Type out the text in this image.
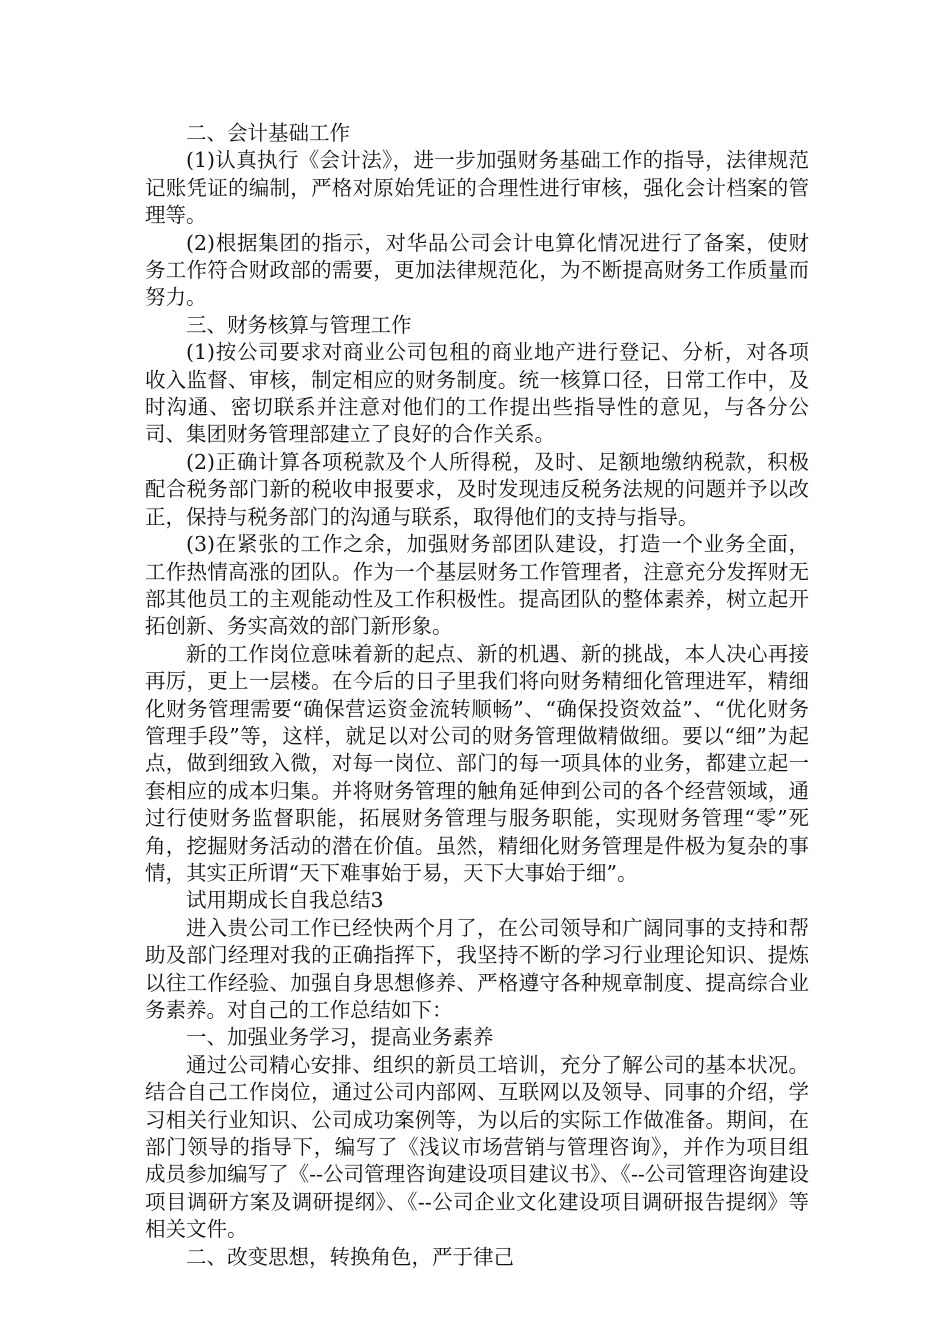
二、会计基础工作

(1)认真执行《会计法》，进一步加强财务基础工作的指导，法律规范记账凭证的编制，严格对原始凭证的合理性进行审核，强化会计档案的管理等。

(2)根据集团的指示，对华品公司会计电算化情况进行了备案，使财务工作符合财政部的需要，更加法律规范化，为不断提高财务工作质量而努力。

三、财务核算与管理工作

(1)按公司要求对商业公司包租的商业地产进行登记、分析，对各项收入监督、审核，制定相应的财务制度。统一核算口径，日常工作中，及时沟通、密切联系并注意对他们的工作提出些指导性的意见，与各分公司、集团财务管理部建立了良好的合作关系。

(2)正确计算各项税款及个人所得税，及时、足额地缴纳税款，积极配合税务部门新的税收申报要求，及时发现违反税务法规的问题并予以改正，保持与税务部门的沟通与联系，取得他们的支持与指导。

(3)在紧张的工作之余，加强财务部团队建设，打造一个业务全面，工作热情高涨的团队。作为一个基层财务工作管理者，注意充分发挥财无部其他员工的主观能动性及工作积极性。提高团队的整体素养，树立起开拓创新、务实高效的部门新形象。

新的工作岗位意味着新的起点、新的机遇、新的挑战，本人决心再接再厉，更上一层楼。在今后的日子里我们将向财务精细化管理进军，精细化财务管理需要“确保营运资金流转顺畅”、“确保投资效益”、“优化财务管理手段”等，这样，就足以对公司的财务管理做精做细。要以“细”为起点，做到细致入微，对每一岗位、部门的每一项具体的业务，都建立起一套相应的成本归集。并将财务管理的触角延伸到公司的各个经营领域，通过行使财务监督职能，拓展财务管理与服务职能，实现财务管理“零”死角，挖掘财务活动的潜在价值。虽然，精细化财务管理是件极为复杂的事情，其实正所谓“天下难事始于易，天下大事始于细”。

试用期成长自我总结3

进入贵公司工作已经快两个月了，在公司领导和广阔同事的支持和帮助及部门经理对我的正确指挥下，我坚持不断的学习行业理论知识、提炼以往工作经验、加强自身思想修养、严格遵守各种规章制度、提高综合业务素养。对自己的工作总结如下：

一、加强业务学习，提高业务素养

通过公司精心安排、组织的新员工培训，充分了解公司的基本状况。结合自己工作岗位，通过公司内部网、互联网以及领导、同事的介绍，学习相关行业知识、公司成功案例等，为以后的实际工作做准备。期间，在部门领导的指导下，编写了《浅议市场营销与管理咨询》，并作为项目组成员参加编写了《--公司管理咨询建设项目建议书》、《--公司管理咨询建设项目调研方案及调研提纲》、《--公司企业文化建设项目调研报告提纲》等相关文件。

二、改变思想，转换角色，严于律己
